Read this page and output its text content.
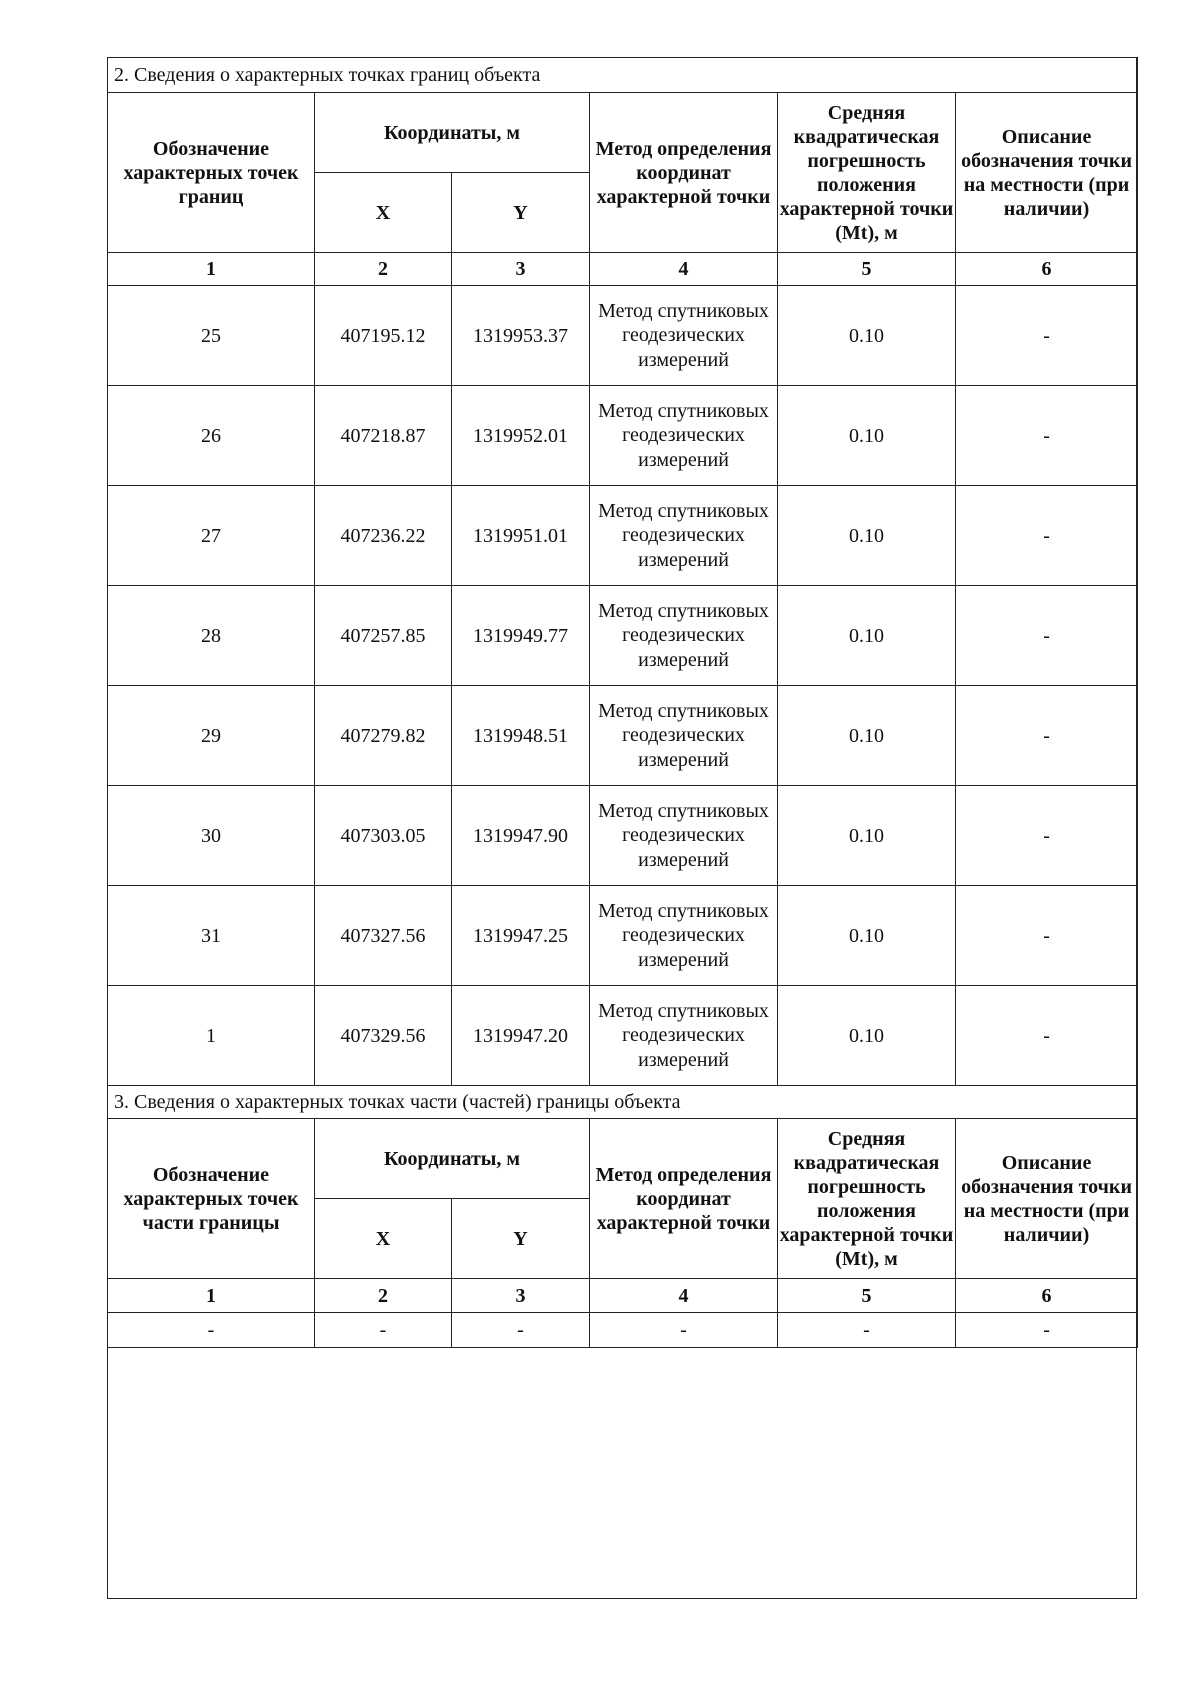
2. Сведения о характерных точках границ объекта					
Обозначение характерных точек границ	Координаты, м		Метод определения координат характерной точки	Средняя квадратическая погрешность положения характерной точки (Mt), м	Описание обозначения точки на местности (при наличии)
	X	Y			
1	2	3	4	5	6
25	407195.12	1319953.37	Метод спутниковых геодезических измерений	0.10	-
26	407218.87	1319952.01	Метод спутниковых геодезических измерений	0.10	-
27	407236.22	1319951.01	Метод спутниковых геодезических измерений	0.10	-
28	407257.85	1319949.77	Метод спутниковых геодезических измерений	0.10	-
29	407279.82	1319948.51	Метод спутниковых геодезических измерений	0.10	-
30	407303.05	1319947.90	Метод спутниковых геодезических измерений	0.10	-
31	407327.56	1319947.25	Метод спутниковых геодезических измерений	0.10	-
1	407329.56	1319947.20	Метод спутниковых геодезических измерений	0.10	-
3. Сведения о характерных точках части (частей) границы объекта					
Обозначение характерных точек части границы	Координаты, м		Метод определения координат характерной точки	Средняя квадратическая погрешность положения характерной точки (Mt), м	Описание обозначения точки на местности (при наличии)
	X	Y			
1	2	3	4	5	6
-	-	-	-	-	-
